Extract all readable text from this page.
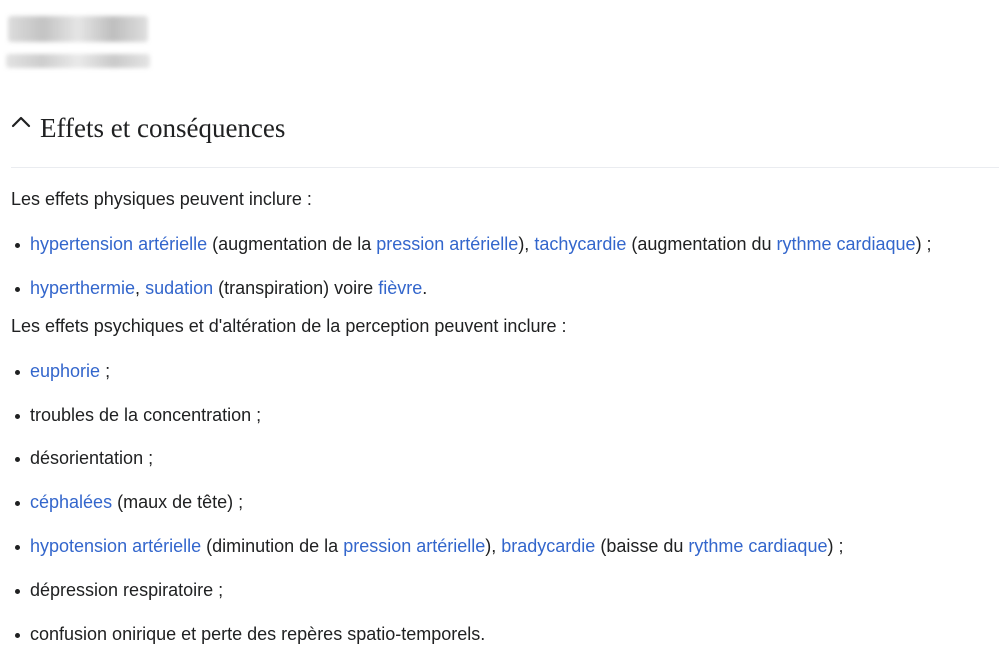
Effets et conséquences

Les effets physiques peuvent inclure :

hypertension artérielle (augmentation de la pression artérielle), tachycardie (augmentation du rythme cardiaque) ;
hyperthermie, sudation (transpiration) voire fièvre.

Les effets psychiques et d'altération de la perception peuvent inclure :

euphorie ;
troubles de la concentration ;
désorientation ;
céphalées (maux de tête) ;
hypotension artérielle (diminution de la pression artérielle), bradycardie (baisse du rythme cardiaque) ;
dépression respiratoire ;
confusion onirique et perte des repères spatio-temporels.
